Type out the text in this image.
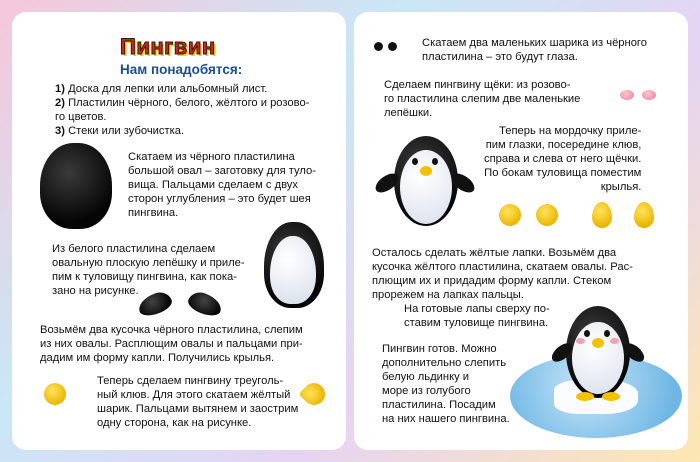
Пингвин
Нам понадобятся:
1) Доска для лепки или альбомный лист.
2) Пластилин чёрного, белого, жёлтого и розово-
го цветов.
3) Стеки или зубочистка.

Скатаем из чёрного пластилина
большой овал – заготовку для туло-
вища. Пальцами сделаем с двух
сторон углубления – это будет шея
пингвина.

Из белого пластилина сделаем
овальную плоскую лепёшку и приле-
пим к туловищу пингвина, как пока-
зано на рисунке.

Возьмём два кусочка чёрного пластилина, слепим
из них овалы. Расплющим овалы и пальцами при-
дадим им форму капли. Получились крылья.

Теперь сделаем пингвину треуголь-
ный клюв. Для этого скатаем жёлтый
шарик. Пальцами вытянем и заострим
одну сторона, как на рисунке.

Скатаем два маленьких шарика из чёрного
пластилина – это будут глаза.

Сделаем пингвину щёки: из розово-
го пластилина слепим две маленькие
лепёшки.

Теперь на мордочку прилe-
пим глазки, посередине клюв,
справа и слева от него щёчки.
По бокам туловища поместим
крылья.

Осталось сделать жёлтые лапки. Возьмём два
кусочка жёлтого пластилина, скатаем овалы. Рас-
плющим их и придадим форму капли. Стеком
прорежем на лапках пальцы.

На готовые лапы сверху по-
ставим туловище пингвина.

Пингвин готов. Можно
дополнительно слепить
белую льдинку и
море из голубого
пластилина. Посадим
на них нашего пингвина.
